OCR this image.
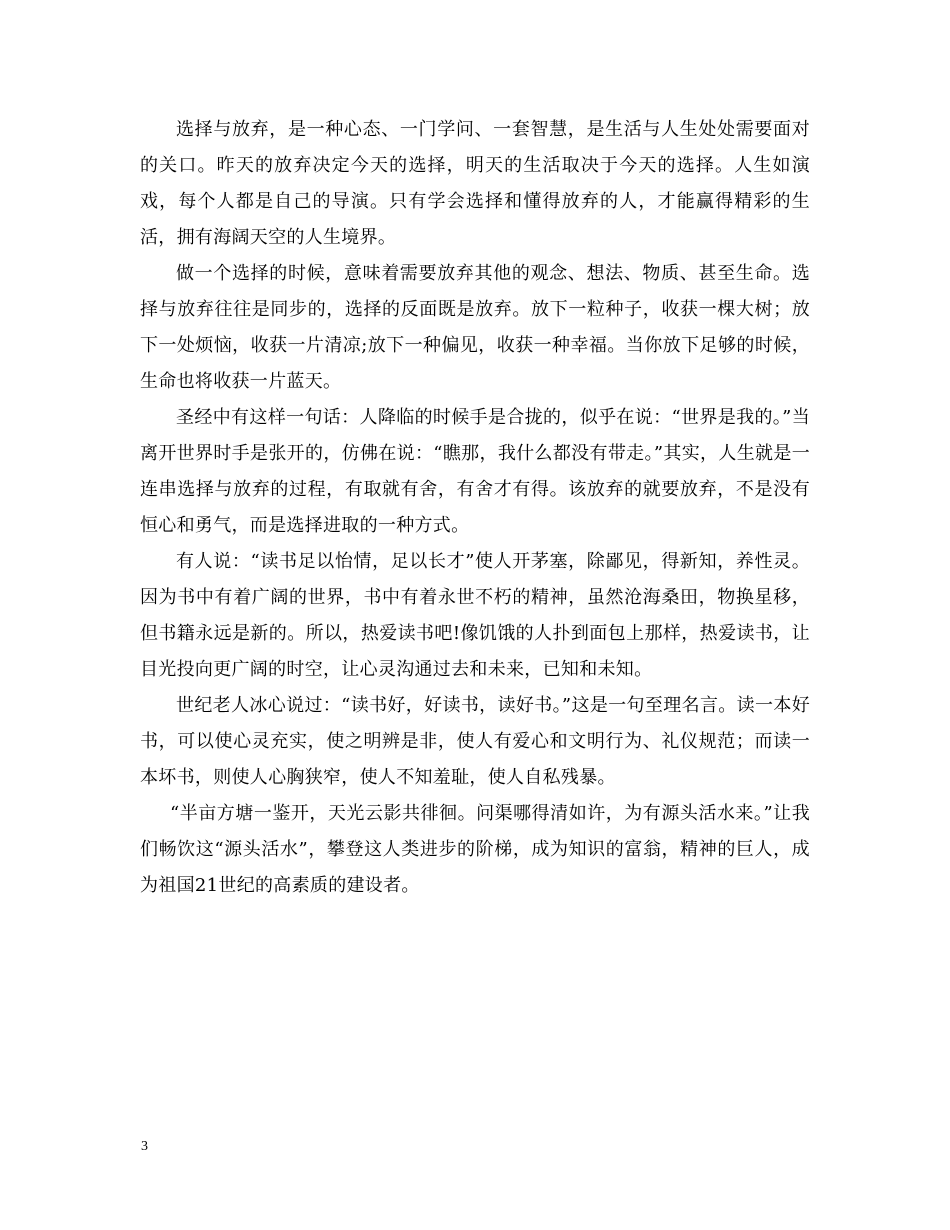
选择与放弃，是一种心态、一门学问、一套智慧，是生活与人生处处需要面对的关口。昨天的放弃决定今天的选择，明天的生活取决于今天的选择。人生如演戏，每个人都是自己的导演。只有学会选择和懂得放弃的人，才能赢得精彩的生活，拥有海阔天空的人生境界。

做一个选择的时候，意味着需要放弃其他的观念、想法、物质、甚至生命。选择与放弃往往是同步的，选择的反面既是放弃。放下一粒种子，收获一棵大树；放下一处烦恼，收获一片清凉;放下一种偏见，收获一种幸福。当你放下足够的时候，生命也将收获一片蓝天。

圣经中有这样一句话：人降临的时候手是合拢的，似乎在说：“世界是我的。”当离开世界时手是张开的，仿佛在说：“瞧那，我什么都没有带走。”其实，人生就是一连串选择与放弃的过程，有取就有舍，有舍才有得。该放弃的就要放弃，不是没有恒心和勇气，而是选择进取的一种方式。

有人说：“读书足以怡情，足以长才”使人开茅塞，除鄙见，得新知，养性灵。因为书中有着广阔的世界，书中有着永世不朽的精神，虽然沧海桑田，物换星移，但书籍永远是新的。所以，热爱读书吧!像饥饿的人扑到面包上那样，热爱读书，让目光投向更广阔的时空，让心灵沟通过去和未来，已知和未知。

世纪老人冰心说过：“读书好，好读书，读好书。”这是一句至理名言。读一本好书，可以使心灵充实，使之明辨是非，使人有爱心和文明行为、礼仪规范；而读一本坏书，则使人心胸狭窄，使人不知羞耻，使人自私残暴。

“半亩方塘一鉴开，天光云影共徘徊。问渠哪得清如许，为有源头活水来。”让我们畅饮这“源头活水”，攀登这人类进步的阶梯，成为知识的富翁，精神的巨人，成为祖国21世纪的高素质的建设者。

3
